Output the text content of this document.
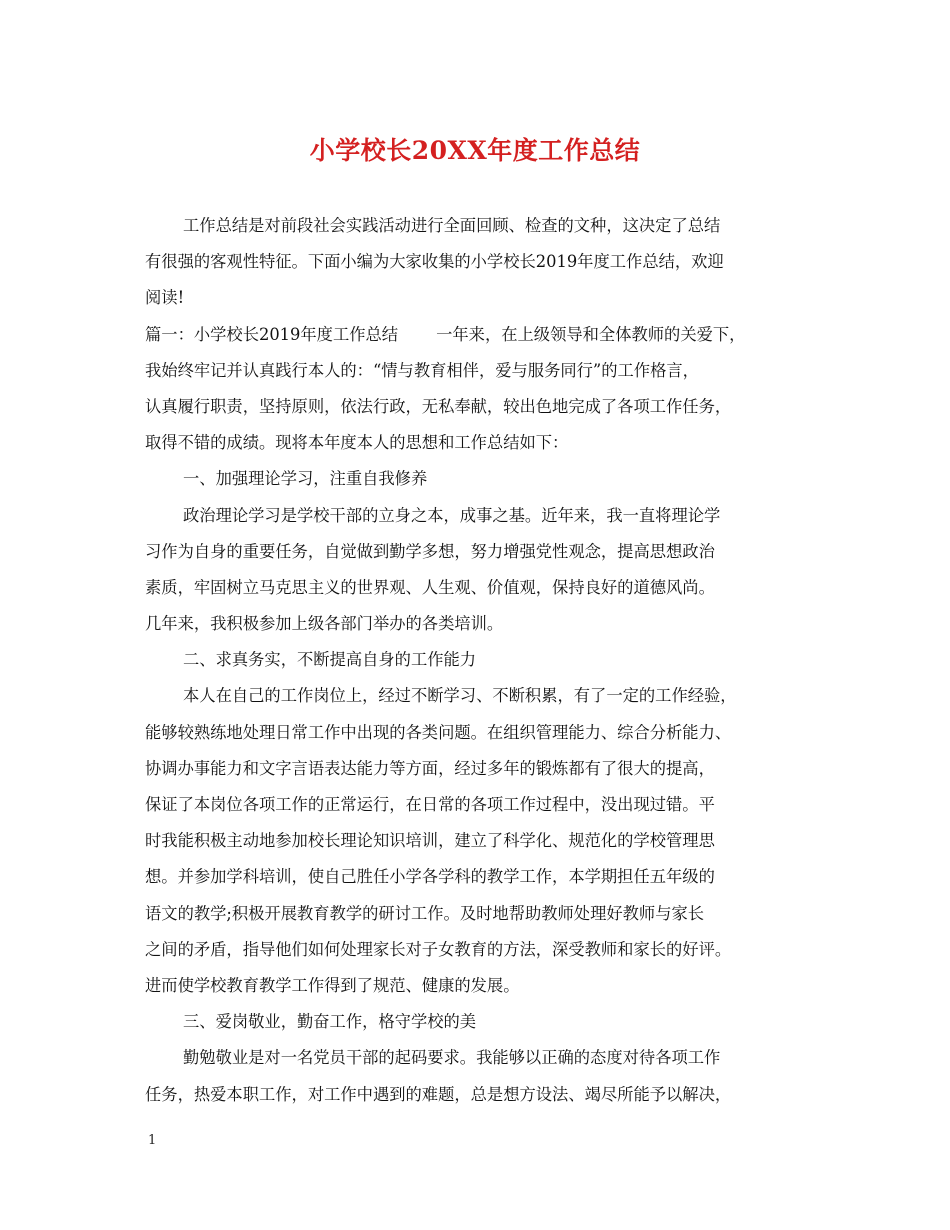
小学校长20XX年度工作总结
工作总结是对前段社会实践活动进行全面回顾、检查的文种，这决定了总结
有很强的客观性特征。下面小编为大家收集的小学校长2019年度工作总结，欢迎
阅读!
篇一：小学校长2019年度工作总结 一年来，在上级领导和全体教师的关爱下，
我始终牢记并认真践行本人的：“情与教育相伴，爱与服务同行”的工作格言，
认真履行职责，坚持原则，依法行政，无私奉献，较出色地完成了各项工作任务，
取得不错的成绩。现将本年度本人的思想和工作总结如下：
一、加强理论学习，注重自我修养
政治理论学习是学校干部的立身之本，成事之基。近年来，我一直将理论学
习作为自身的重要任务，自觉做到勤学多想，努力增强党性观念，提高思想政治
素质，牢固树立马克思主义的世界观、人生观、价值观，保持良好的道德风尚。
几年来，我积极参加上级各部门举办的各类培训。
二、求真务实，不断提高自身的工作能力
本人在自己的工作岗位上，经过不断学习、不断积累，有了一定的工作经验，
能够较熟练地处理日常工作中出现的各类问题。在组织管理能力、综合分析能力、
协调办事能力和文字言语表达能力等方面，经过多年的锻炼都有了很大的提高，
保证了本岗位各项工作的正常运行，在日常的各项工作过程中，没出现过错。平
时我能积极主动地参加校长理论知识培训，建立了科学化、规范化的学校管理思
想。并参加学科培训，使自己胜任小学各学科的教学工作，本学期担任五年级的
语文的教学;积极开展教育教学的研讨工作。及时地帮助教师处理好教师与家长
之间的矛盾，指导他们如何处理家长对子女教育的方法，深受教师和家长的好评。
进而使学校教育教学工作得到了规范、健康的发展。
三、爱岗敬业，勤奋工作，格守学校的美
勤勉敬业是对一名党员干部的起码要求。我能够以正确的态度对待各项工作
任务，热爱本职工作，对工作中遇到的难题，总是想方设法、竭尽所能予以解决，
1
